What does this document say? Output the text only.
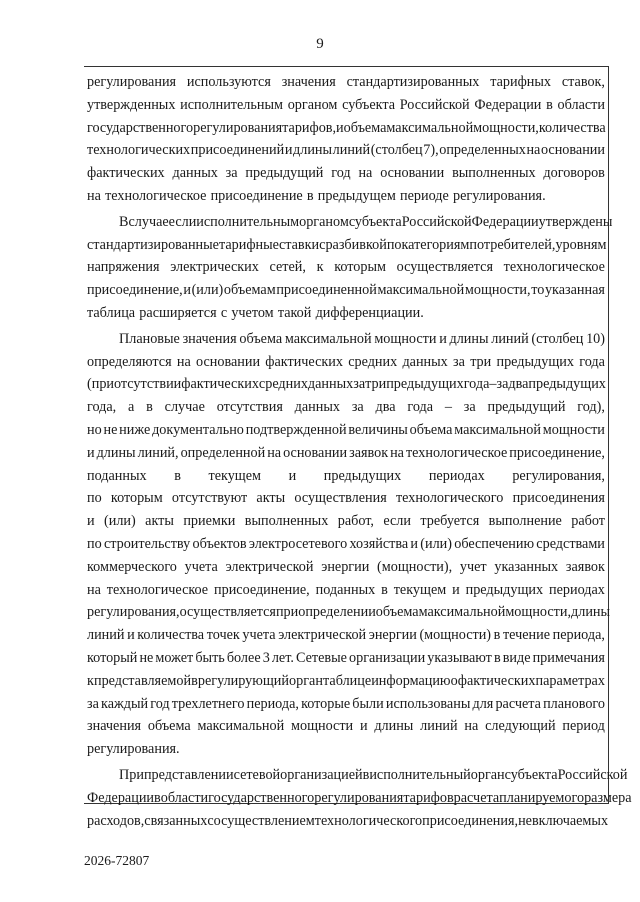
9
регулирования используются значения стандартизированных тарифных ставок,
утвержденных исполнительным органом субъекта Российской Федерации в области
государственного регулирования тарифов, и объема максимальной мощности, количества
технологических присоединений и длины линий (столбец 7), определенных на основании
фактических данных за предыдущий год на основании выполненных договоров
на технологическое присоединение в предыдущем периоде регулирования.
В случае если исполнительным органом субъекта Российской Федерации утверждены
стандартизированные тарифные ставки с разбивкой по категориям потребителей, уровням
напряжения электрических сетей, к которым осуществляется технологическое
присоединение, и (или) объемам присоединенной максимальной мощности, то указанная
таблица расширяется с учетом такой дифференциации.
Плановые значения объема максимальной мощности и длины линий (столбец 10)
определяются на основании фактических средних данных за три предыдущих года
(при отсутствии фактических средних данных за три предыдущих года – за два предыдущих
года, а в случае отсутствия данных за два года – за предыдущий год),
но не ниже документально подтвержденной величины объема максимальной мощности
и длины линий, определенной на основании заявок на технологическое присоединение,
поданных в текущем и предыдущих периодах регулирования,
по которым отсутствуют акты осуществления технологического присоединения
и (или) акты приемки выполненных работ, если требуется выполнение работ
по строительству объектов электросетевого хозяйства и (или) обеспечению средствами
коммерческого учета электрической энергии (мощности), учет указанных заявок
на технологическое присоединение, поданных в текущем и предыдущих периодах
регулирования, осуществляется при определении объема максимальной мощности, длины
линий и количества точек учета электрической энергии (мощности) в течение периода,
который не может быть более 3 лет. Сетевые организации указывают в виде примечания
к представляемой в регулирующий орган таблице информацию о фактических параметрах
за каждый год трехлетнего периода, которые были использованы для расчета планового
значения объема максимальной мощности и длины линий на следующий период
регулирования.
При представлении сетевой организацией в исполнительный орган субъекта Российской
Федерации в области государственного регулирования тарифов расчета планируемого размера
расходов, связанных с осуществлением технологического присоединения, не включаемых
2026-72807
